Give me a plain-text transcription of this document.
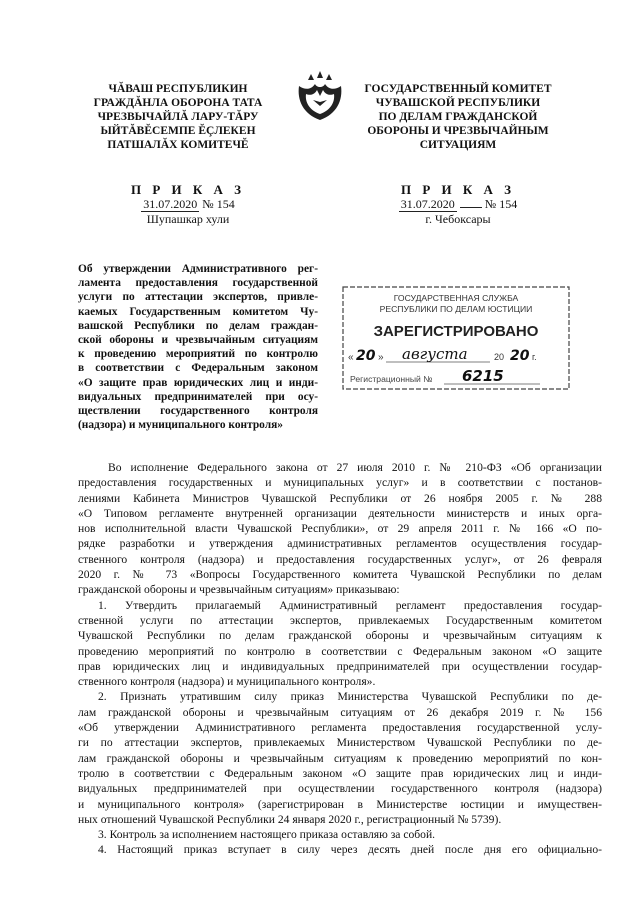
ЧĂВАШ РЕСПУБЛИКИН
ГРАЖДĂНЛА ОБОРОНА ТАТА
ЧРЕЗВЫЧАЙЛĂ ЛАРУ-ТĂРУ
ЫЙТĂВĔСЕМПЕ ĔÇЛЕКЕН
ПАТШАЛĂХ КОМИТЕЧĔ
ГОСУДАРСТВЕННЫЙ КОМИТЕТ
ЧУВАШСКОЙ РЕСПУБЛИКИ
ПО ДЕЛАМ ГРАЖДАНСКОЙ
ОБОРОНЫ И ЧРЕЗВЫЧАЙНЫМ
СИТУАЦИЯМ
П Р И К А З
31.07.2020 № 154
Шупашкар хули
П Р И К А З
31.07.2020	№ 154
г. Чебоксары
Об утверждении Административного рег-
ламента предоставления государственной
услуги по аттестации экспертов, привле-
каемых Государственным комитетом Чу-
вашской Республики по делам граждан-
ской обороны и чрезвычайным ситуациям
к проведению мероприятий по контролю
в соответствии с Федеральным законом
«О защите прав юридических лиц и инди-
видуальных предпринимателей при осу-
ществлении государственного контроля
(надзора) и муниципального контроля»
ГОСУДАРСТВЕННАЯ СЛУЖБА
РЕСПУБЛИКИ ПО ДЕЛАМ ЮСТИЦИИ
ЗАРЕГИСТРИРОВАНО
« 20 » августа	20 20 г.
Регистрационный № 6215
Во исполнение Федерального закона от 27 июля 2010 г. № 210-ФЗ «Об организации
предоставления государственных и муниципальных услуг» и в соответствии с постанов-
лениями Кабинета Министров Чувашской Республики от 26 ноября 2005 г. № 288
«О Типовом регламенте внутренней организации деятельности министерств и иных орга-
нов исполнительной власти Чувашской Республики», от 29 апреля 2011 г. № 166 «О по-
рядке разработки и утверждения административных регламентов осуществления государ-
ственного контроля (надзора) и предоставления государственных услуг», от 26 февраля
2020 г. № 73 «Вопросы Государственного комитета Чувашской Республики по делам
гражданской обороны и чрезвычайным ситуациям» приказываю:
1. Утвердить прилагаемый Административный регламент предоставления государ-
ственной услуги по аттестации экспертов, привлекаемых Государственным комитетом
Чувашской Республики по делам гражданской обороны и чрезвычайным ситуациям к
проведению мероприятий по контролю в соответствии с Федеральным законом «О защите
прав юридических лиц и индивидуальных предпринимателей при осуществлении государ-
ственного контроля (надзора) и муниципального контроля».
2. Признать утратившим силу приказ Министерства Чувашской Республики по де-
лам гражданской обороны и чрезвычайным ситуациям от 26 декабря 2019 г. № 156
«Об утверждении Административного регламента предоставления государственной услу-
ги по аттестации экспертов, привлекаемых Министерством Чувашской Республики по де-
лам гражданской обороны и чрезвычайным ситуациям к проведению мероприятий по кон-
тролю в соответствии с Федеральным законом «О защите прав юридических лиц и инди-
видуальных предпринимателей при осуществлении государственного контроля (надзора)
и муниципального контроля» (зарегистрирован в Министерстве юстиции и имуществен-
ных отношений Чувашской Республики 24 января 2020 г., регистрационный № 5739).
3. Контроль за исполнением настоящего приказа оставляю за собой.
4. Настоящий приказ вступает в силу через десять дней после дня его официально-
